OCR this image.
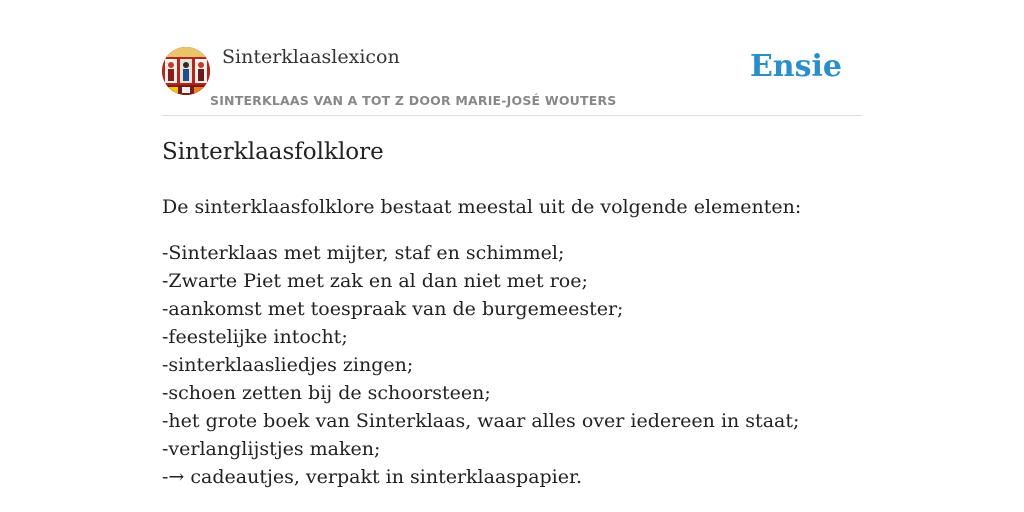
Sinterklaaslexicon
SINTERKLAAS VAN A TOT Z DOOR MARIE-JOSÉ WOUTERS
Ensie
Sinterklaasfolklore

De sinterklaasfolklore bestaat meestal uit de volgende elementen:

-Sinterklaas met mijter, staf en schimmel;
-Zwarte Piet met zak en al dan niet met roe;
-aankomst met toespraak van de burgemeester;
-feestelijke intocht;
-sinterklaasliedjes zingen;
-schoen zetten bij de schoorsteen;
-het grote boek van Sinterklaas, waar alles over iedereen in staat;
-verlanglijstjes maken;
-→ cadeautjes, verpakt in sinterklaaspapier.
